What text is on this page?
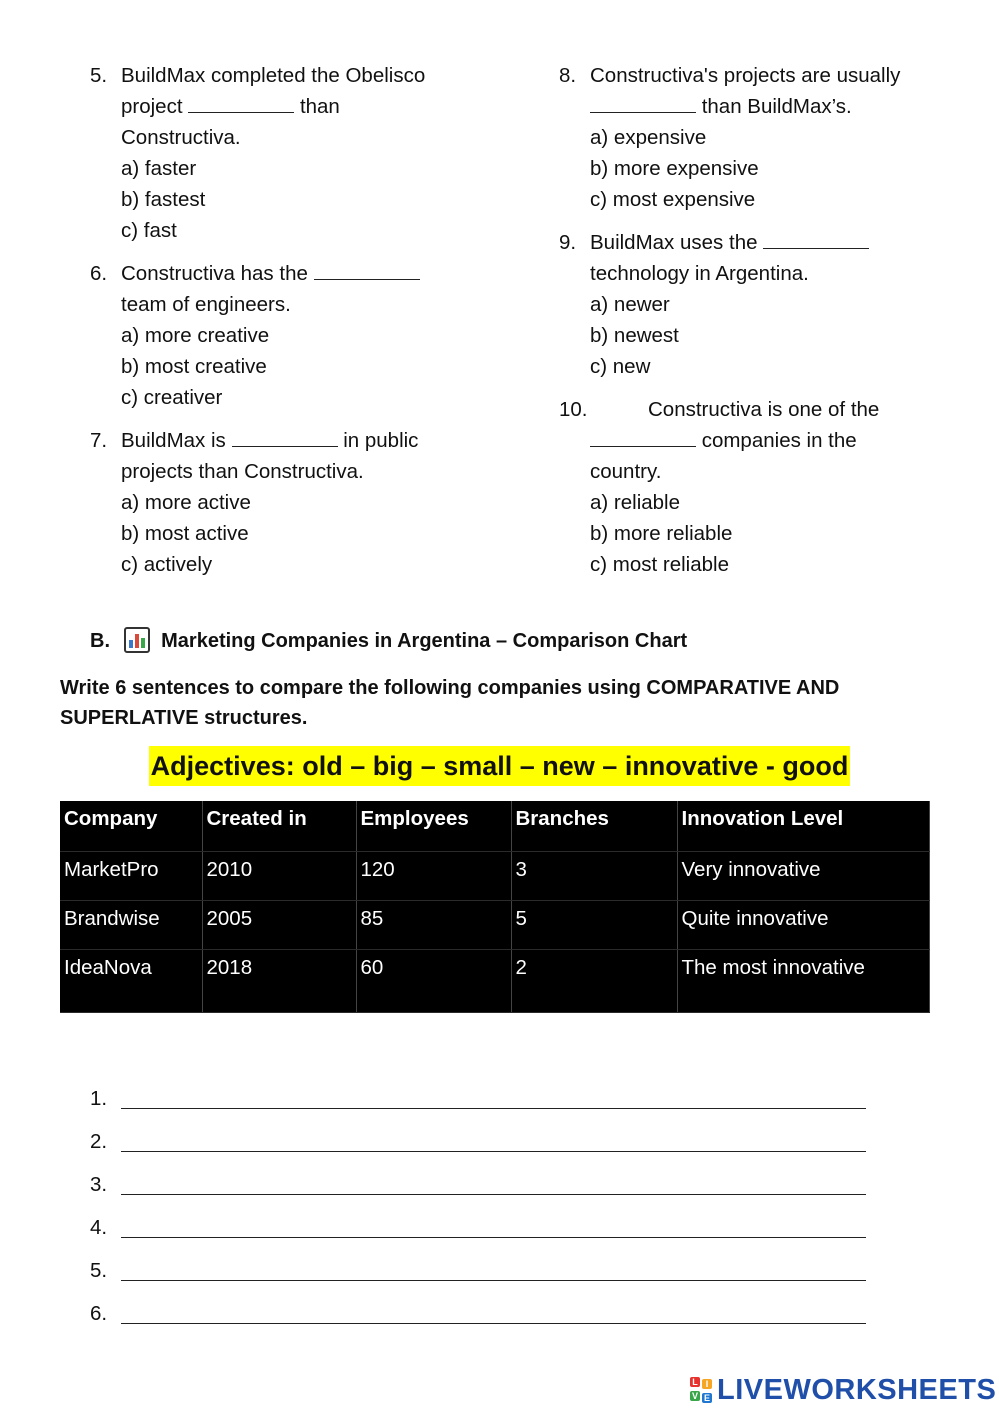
5. BuildMax completed the Obelisco
project	than
Constructiva.
a) faster
b) fastest
c) fast
6. Constructiva has the
team of engineers.
a) more creative
b) most creative
c) creativer
7. BuildMax is	in public
projects than Constructiva.
a) more active
b) most active
c) actively
8. Constructiva's projects are usually
than BuildMax’s.
a) expensive
b) more expensive
c) most expensive
9. BuildMax uses the
technology in Argentina.
a) newer
b) newest
c) new
10.	Constructiva is one of the
companies in the
country.
a) reliable
b) more reliable
c) most reliable
B.	Marketing Companies in Argentina – Comparison Chart
Write 6 sentences to compare the following companies using COMPARATIVE AND SUPERLATIVE structures.
Adjectives: old – big – small – new – innovative - good
Company	Created in	Employees	Branches	Innovation Level
MarketPro	2010	120	3	Very innovative
Brandwise	2005	85	5	Quite innovative
IdeaNova	2018	60	2	The most innovative
1.
2.
3.
4.
5.
6.
L I
V E LIVEWORKSHEETS
